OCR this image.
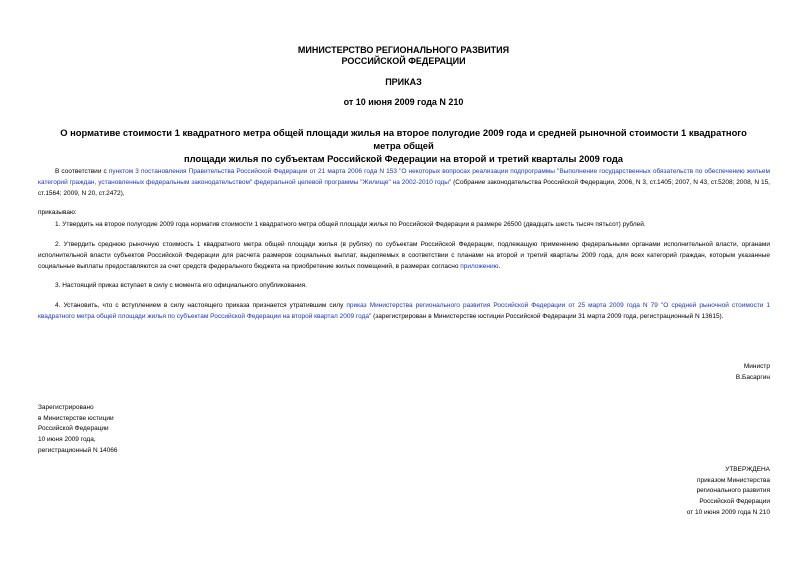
МИНИСТЕРСТВО РЕГИОНАЛЬНОГО РАЗВИТИЯ
РОССИЙСКОЙ ФЕДЕРАЦИИ
ПРИКАЗ
от 10 июня 2009 года N 210
О нормативе стоимости 1 квадратного метра общей площади жилья на второе полугодие 2009 года и средней рыночной стоимости 1 квадратного метра общей
площади жилья по субъектам Российской Федерации на второй и третий кварталы 2009 года
В соответствии с пунктом 3 постановления Правительства Российской Федерации от 21 марта 2006 года N 153 "О некоторых вопросах реализации подпрограммы "Выполнение государственных обязательств по обеспечению жильем категорий граждан, установленных федеральным законодательством" федеральной целевой программы "Жилище" на 2002-2010 годы" (Собрание законодательства Российской Федерации, 2006, N 3, ст.1405; 2007, N 43, ст.5208; 2008, N 15, ст.1564; 2009, N 20, ст.2472),
приказываю:
1. Утвердить на второе полугодие 2009 года норматив стоимости 1 квадратного метра общей площади жилья по Российской Федерации в размере 26500 (двадцать шесть тысяч пятьсот) рублей.
2. Утвердить среднюю рыночную стоимость 1 квадратного метра общей площади жилья (в рублях) по субъектам Российской Федерации, подлежащую применению федеральными органами исполнительной власти, органами исполнительной власти субъектов Российской Федерации для расчета размеров социальных выплат, выделяемых в соответствии с планами на второй и третий кварталы 2009 года, для всех категорий граждан, которым указанные социальные выплаты предоставляются за счет средств федерального бюджета на приобретение жилых помещений, в размерах согласно приложению.
3. Настоящий приказ вступает в силу с момента его официального опубликования.
4. Установить, что с вступлением в силу настоящего приказа признается утратившим силу приказ Министерства регионального развития Российской Федерации от 25 марта 2009 года N 79 "О средней рыночной стоимости 1 квадратного метра общей площади жилья по субъектам Российской Федерации на второй квартал 2009 года" (зарегистрирован в Министерстве юстиции Российской Федерации 31 марта 2009 года, регистрационный N 13615).
Министр
В.Басаргин
Зарегистрировано
в Министерстве юстиции
Российской Федерации
10 июня 2009 года,
регистрационный N 14066
УТВЕРЖДЕНА
приказом Министерства
регионального развития
Российской Федерации
от 10 июня 2009 года N 210
